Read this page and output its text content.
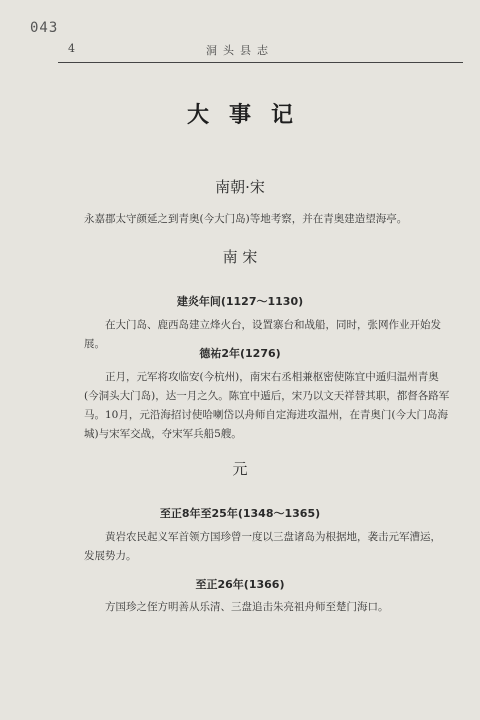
043
4	洞头县志
大事记
南朝·宋

永嘉郡太守颜延之到青奥(今大门岛)等地考察，并在青奥建造望海亭。

南 宋
建炎年间(1127～1130)

在大门岛、鹿西岛建立烽火台，设置寨台和战船，同时，张网作业开始发展。

德祐2年(1276)

正月，元军将攻临安(今杭州)，南宋右丞相兼枢密使陈宜中遁归温州青奥(今洞头大门岛)，达一月之久。陈宜中遁后，宋乃以文天祥替其职，都督各路军马。 10月，元沿海招讨使哈喇岱以舟师自定海进攻温州，在青奥门(今大门岛海城)与宋军交战，夺宋军兵船5艘。

元
至正8年至25年(1348～1365)

黄岩农民起义军首领方国珍曾一度以三盘诸岛为根据地，袭击元军漕运，发展势力。

至正26年(1366)

方国珍之侄方明善从乐清、三盘追击朱亮祖舟师至楚门海口。
